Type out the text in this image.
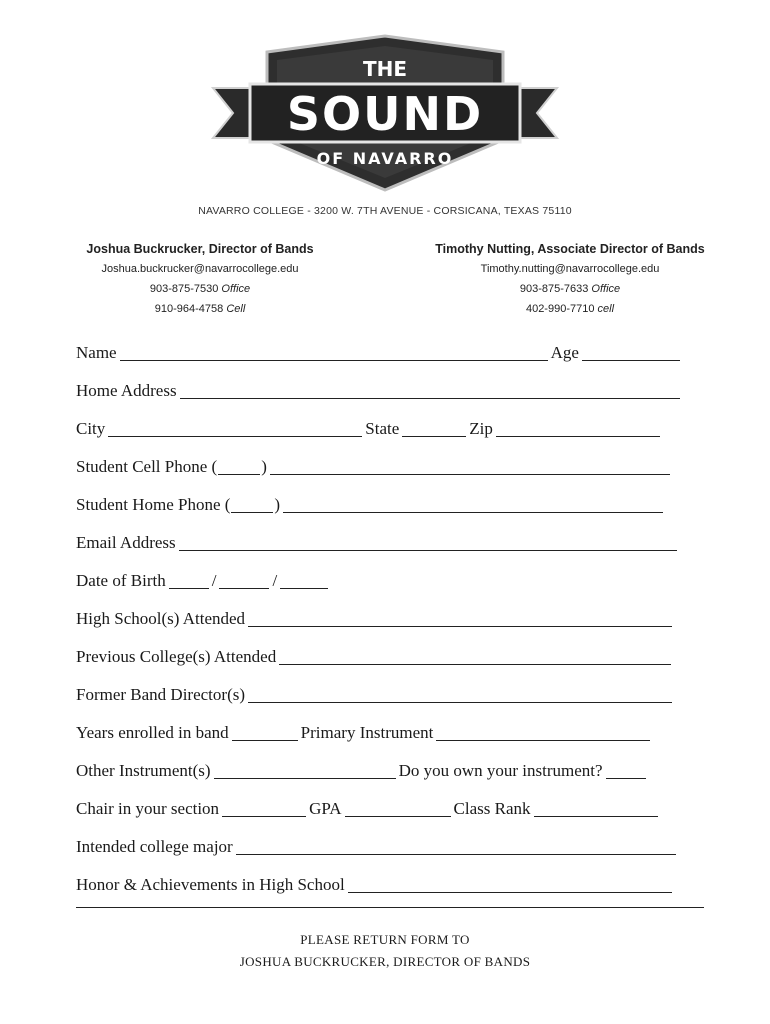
THE
SOUND
OF NAVARRO
NAVARRO COLLEGE - 3200 W. 7TH AVENUE - CORSICANA, TEXAS 75110
Joshua Buckrucker, Director of Bands
Joshua.buckrucker@navarrocollege.edu
903-875-7530 Office
910-964-4758 Cell
Timothy Nutting, Associate Director of Bands
Timothy.nutting@navarrocollege.edu
903-875-7633 Office
402-990-7710 cell
Name	Age
Home Address
City	State	Zip
Student Cell Phone (	)
Student Home Phone (	)
Email Address
Date of Birth	/	/
High School(s) Attended
Previous College(s) Attended
Former Band Director(s)
Years enrolled in band	Primary Instrument
Other Instrument(s)	Do you own your instrument?
Chair in your section	GPA	Class Rank
Intended college major
Honor & Achievements in High School
PLEASE RETURN FORM TO
JOSHUA BUCKRUCKER, DIRECTOR OF BANDS
